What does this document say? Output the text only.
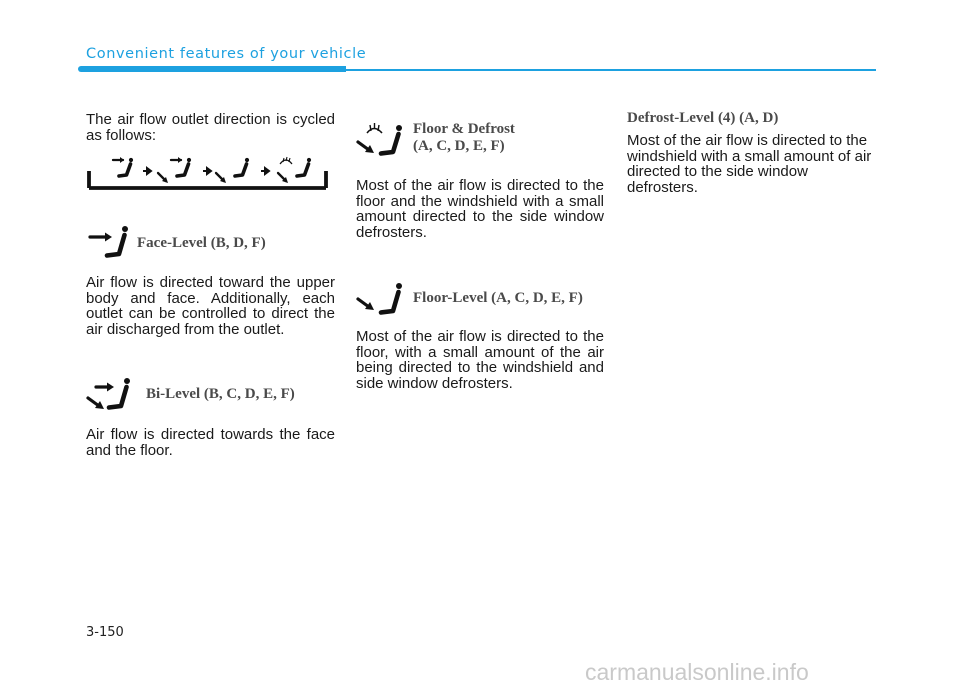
Convenient features of your vehicle
The air flow outlet direction is cycled as follows:
Face-Level (B, D, F)
Air flow is directed toward the upper body and face. Additionally, each outlet can be controlled to direct the air discharged from the outlet.
Bi-Level (B, C, D, E, F)
Air flow is directed towards the face and the floor.
Floor & Defrost
(A, C, D, E, F)
Most of the air flow is directed to the floor and the windshield with a small amount directed to the side window defrosters.
Floor-Level (A, C, D, E, F)
Most of the air flow is directed to the floor, with a small amount of the air being directed to the windshield and side window defrosters.
Defrost-Level (4) (A, D)
Most of the air flow is directed to the windshield with a small amount of air directed to the side window defrosters.
3-150
carmanualsonline.info
